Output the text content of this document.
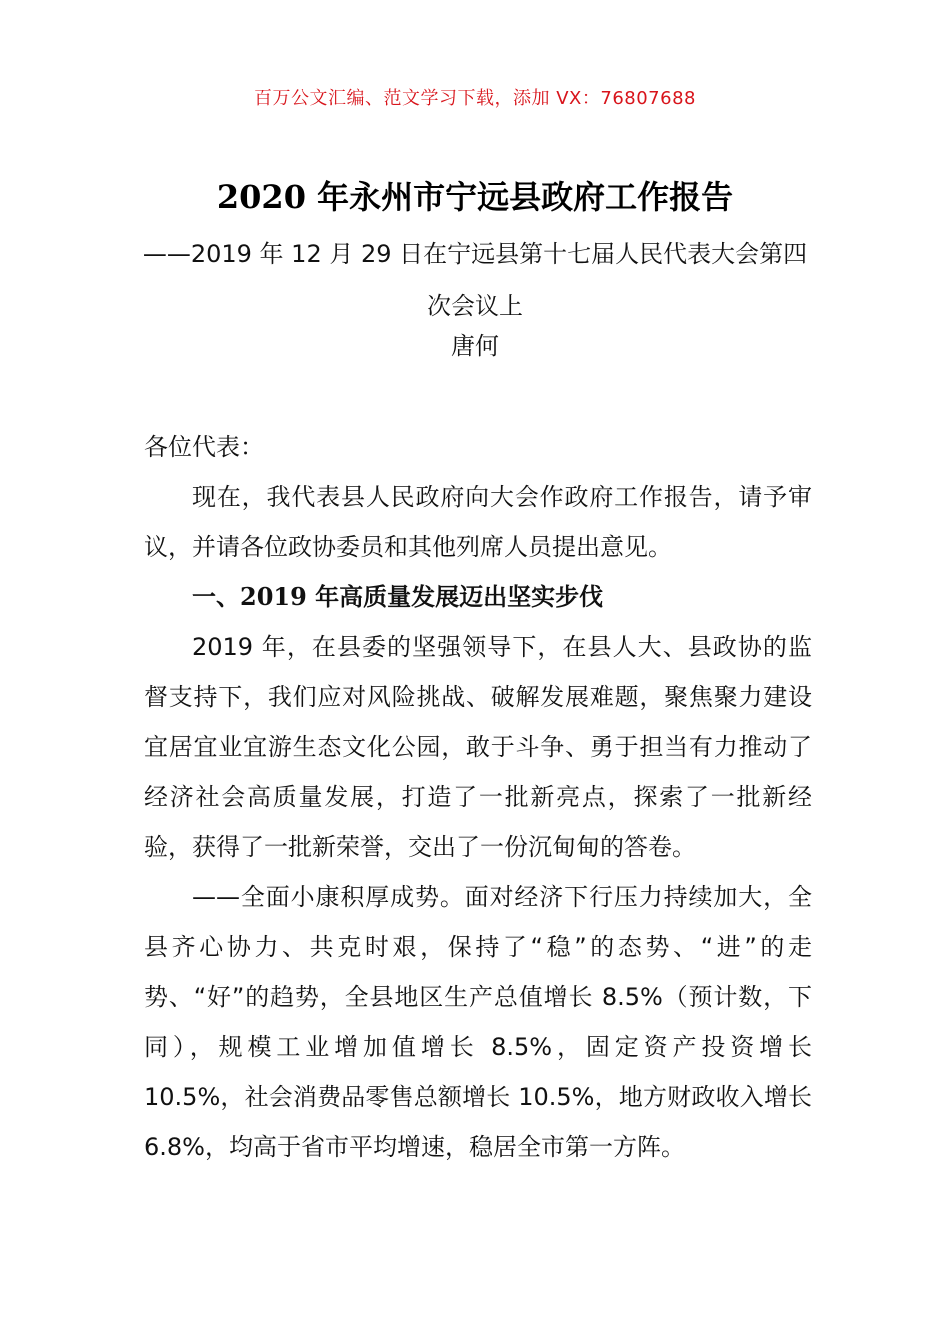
百万公文汇编、范文学习下载，添加 VX：76807688
2020 年永州市宁远县政府工作报告
——2019 年 12 月 29 日在宁远县第十七届人民代表大会第四次会议上
唐何

各位代表：

现在，我代表县人民政府向大会作政府工作报告，请予审议，并请各位政协委员和其他列席人员提出意见。

一、2019 年高质量发展迈出坚实步伐

2019 年，在县委的坚强领导下，在县人大、县政协的监督支持下，我们应对风险挑战、破解发展难题，聚焦聚力建设宜居宜业宜游生态文化公园，敢于斗争、勇于担当有力推动了经济社会高质量发展，打造了一批新亮点，探索了一批新经验，获得了一批新荣誉，交出了一份沉甸甸的答卷。

——全面小康积厚成势。面对经济下行压力持续加大，全县齐心协力、共克时艰，保持了“稳”的态势、“进”的走势、“好”的趋势，全县地区生产总值增长 8.5%（预计数，下同），规模工业增加值增长 8.5%，固定资产投资增长 10.5%，社会消费品零售总额增长 10.5%，地方财政收入增长 6.8%，均高于省市平均增速，稳居全市第一方阵。
